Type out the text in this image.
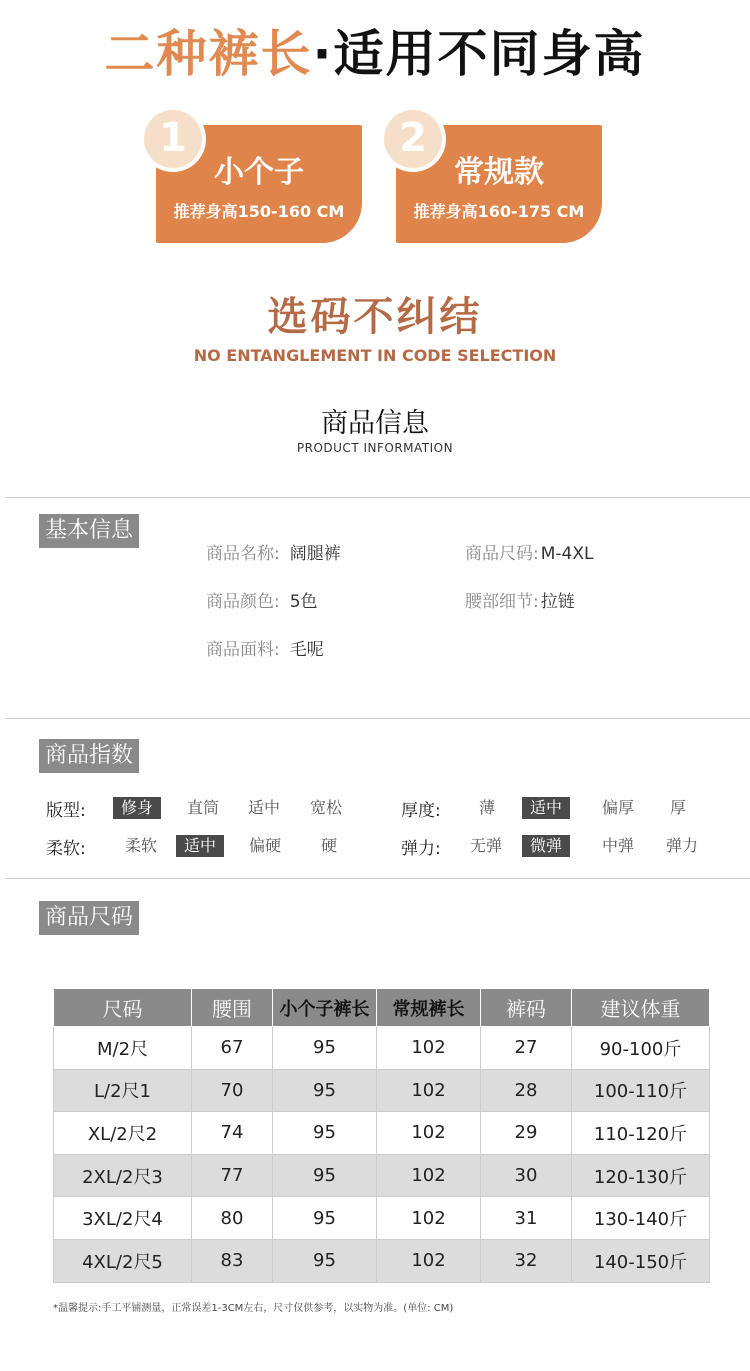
二种裤长·适用不同身高
小个子
推荐身高150-160 CM
1
常规款
推荐身高160-175 CM
2
选码不纠结
NO ENTANGLEMENT IN CODE SELECTION
商品信息
PRODUCT INFORMATION
基本信息
商品名称: 阔腿裤	商品尺码: M-4XL
商品颜色: 5色	腰部细节: 拉链
商品面料: 毛呢
商品指数
版型:	修身	直筒 适中 宽松	厚度: 薄	适中	偏厚 厚
柔软: 柔软	适中	偏硬 硬	弹力: 无弹	微弹	中弹 弹力
商品尺码
尺码	腰围	小个子裤长	常规裤长	裤码	建议体重
M/2尺	67	95	102	27	90-100斤
L/2尺1	70	95	102	28	100-110斤
XL/2尺2	74	95	102	29	110-120斤
2XL/2尺3	77	95	102	30	120-130斤
3XL/2尺4	80	95	102	31	130-140斤
4XL/2尺5	83	95	102	32	140-150斤
*温馨提示:手工平铺测量，正常误差1-3CM左右，尺寸仅供参考，以实物为准。(单位: CM)
